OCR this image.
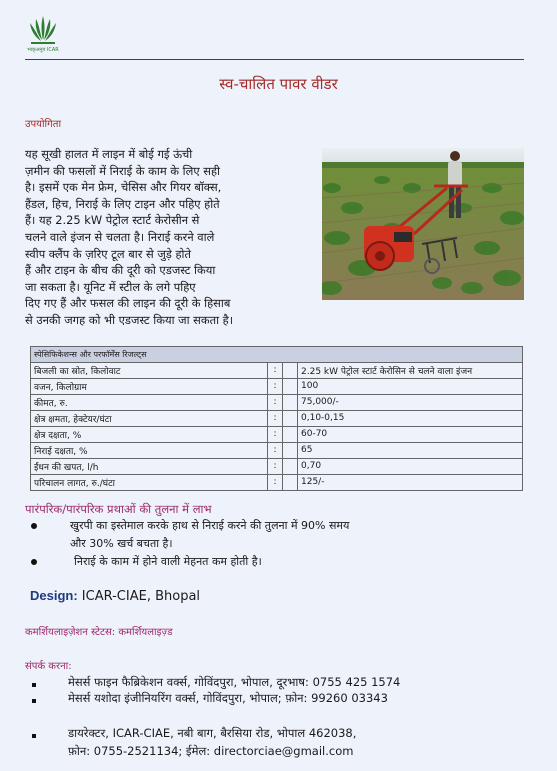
भाकृअनुप ICAR
स्व-चालित पावर वीडर
उपयोगिता
यह सूखी हालत में लाइन में बोई गई ऊंची
ज़मीन की फसलों में निराई के काम के लिए सही
है। इसमें एक मेन फ्रेम, चेसिस और गियर बॉक्स,
हैंडल, हिच, निराई के लिए टाइन और पहिए होते
हैं। यह 2.25 kW पेट्रोल स्टार्ट केरोसीन से
चलने वाले इंजन से चलता है। निराई करने वाले
स्वीप क्लैंप के ज़रिए टूल बार से जुड़े होते
हैं और टाइन के बीच की दूरी को एडजस्ट किया
जा सकता है। यूनिट में स्टील के लगे पहिए
दिए गए हैं और फसल की लाइन की दूरी के हिसाब
से उनकी जगह को भी एडजस्ट किया जा सकता है।
स्पेसिफिकेशन्स और परफॉर्मेंस रिजल्ट्स			
बिजली का स्रोत, किलोवाट	:		2.25 kW पेट्रोल स्टार्ट केरोसिन से चलने वाला इंजन
वजन, किलोग्राम	:		100
कीमत, रु.	:		75,000/-
क्षेत्र क्षमता, हेक्टेयर/घंटा	:		0,10-0,15
क्षेत्र दक्षता, %	:		60-70
निराई दक्षता, %	:		65
ईंधन की खपत, l/h	:		0,70
परिचालन लागत, रु./घंटा	:		125/-
पारंपरिक/पारंपरिक प्रथाओं की तुलना में लाभ
खुरपी का इस्तेमाल करके हाथ से निराई करने की तुलना में 90% समय
और 30% खर्च बचता है।
निराई के काम में होने वाली मेहनत कम होती है।
Design: ICAR-CIAE, Bhopal
कमर्शियलाइज़ेशन स्टेटस: कमर्शियलाइज़्ड
संपर्क करना:
मेसर्स फाइन फैब्रिकेशन वर्क्स, गोविंदपुरा, भोपाल, दूरभाष: 0755 425 1574
मेसर्स यशोदा इंजीनियरिंग वर्क्स, गोविंदपुरा, भोपाल; फ़ोन: 99260 03343
डायरेक्टर, ICAR-CIAE, नबी बाग, बैरसिया रोड, भोपाल 462038,
फ़ोन: 0755-2521134; ईमेल: directorciae@gmail.com
